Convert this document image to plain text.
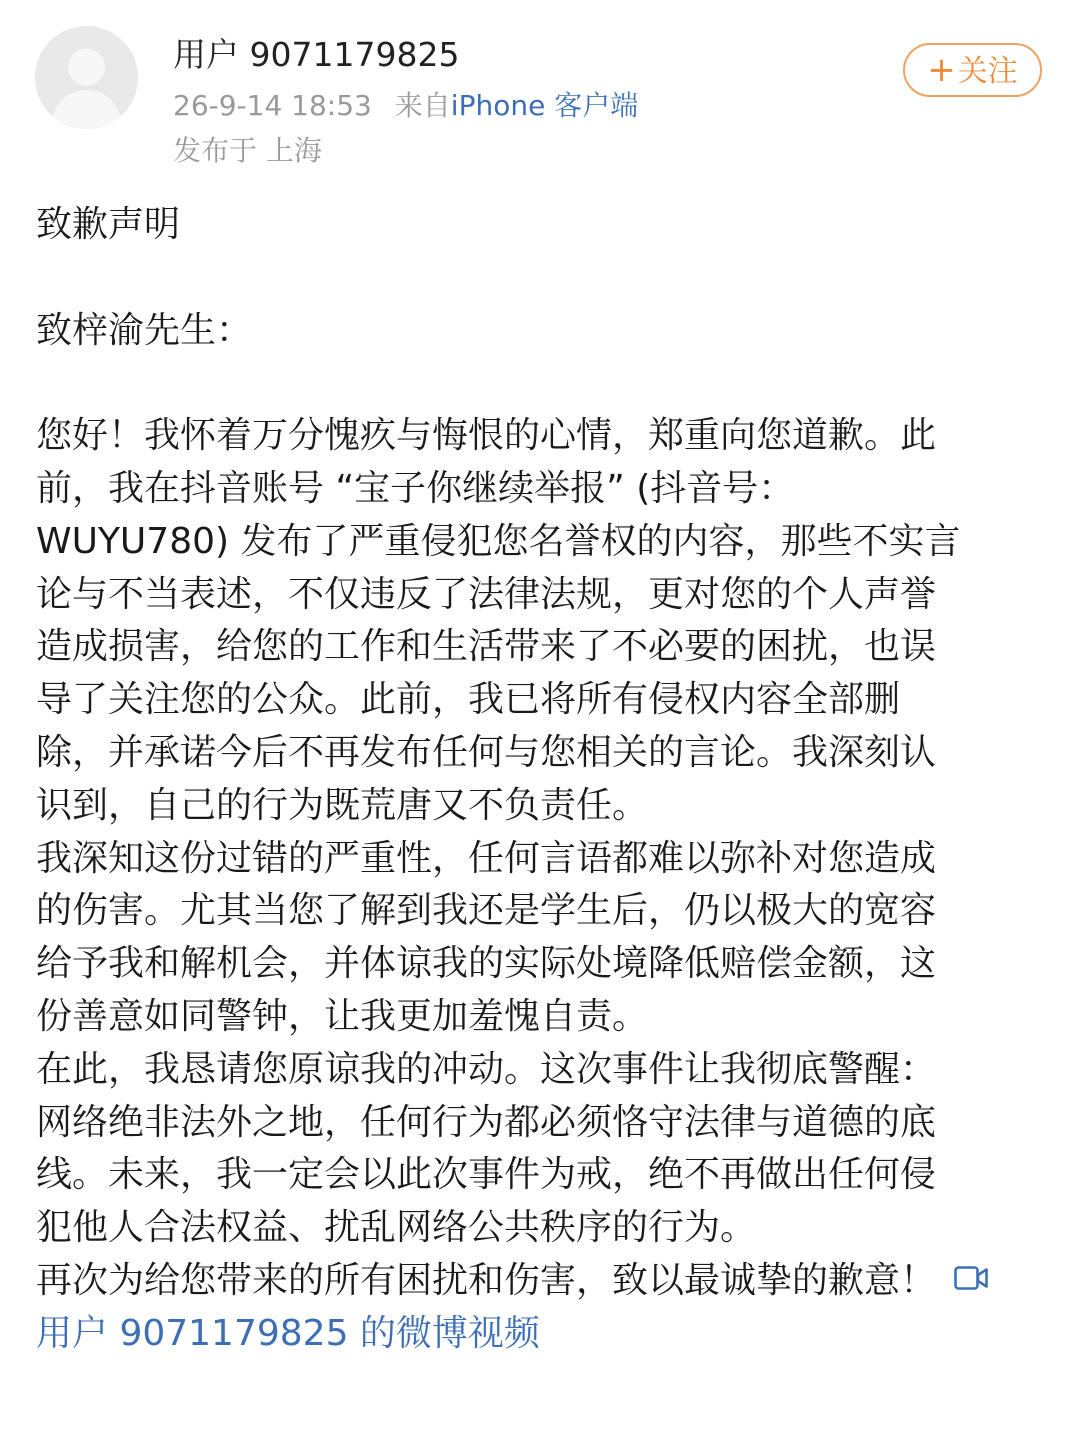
用户 9071179825
26-9-14 18:53 来自iPhone 客户端
发布于 上海
+关注

致歉声明

致梓渝先生：

您好！我怀着万分愧疚与悔恨的心情，郑重向您道歉。此

前，我在抖音账号 “宝子你继续举报” (抖音号：

WUYU780) 发布了严重侵犯您名誉权的内容，那些不实言

论与不当表述，不仅违反了法律法规，更对您的个人声誉

造成损害，给您的工作和生活带来了不必要的困扰，也误

导了关注您的公众。此前，我已将所有侵权内容全部删

除，并承诺今后不再发布任何与您相关的言论。我深刻认

识到，自己的行为既荒唐又不负责任。

我深知这份过错的严重性，任何言语都难以弥补对您造成

的伤害。尤其当您了解到我还是学生后，仍以极大的宽容

给予我和解机会，并体谅我的实际处境降低赔偿金额，这

份善意如同警钟，让我更加羞愧自责。

在此，我恳请您原谅我的冲动。这次事件让我彻底警醒：

网络绝非法外之地，任何行为都必须恪守法律与道德的底

线。未来，我一定会以此次事件为戒，绝不再做出任何侵

犯他人合法权益、扰乱网络公共秩序的行为。

再次为给您带来的所有困扰和伤害，致以最诚挚的歉意！

用户 9071179825 的微博视频
